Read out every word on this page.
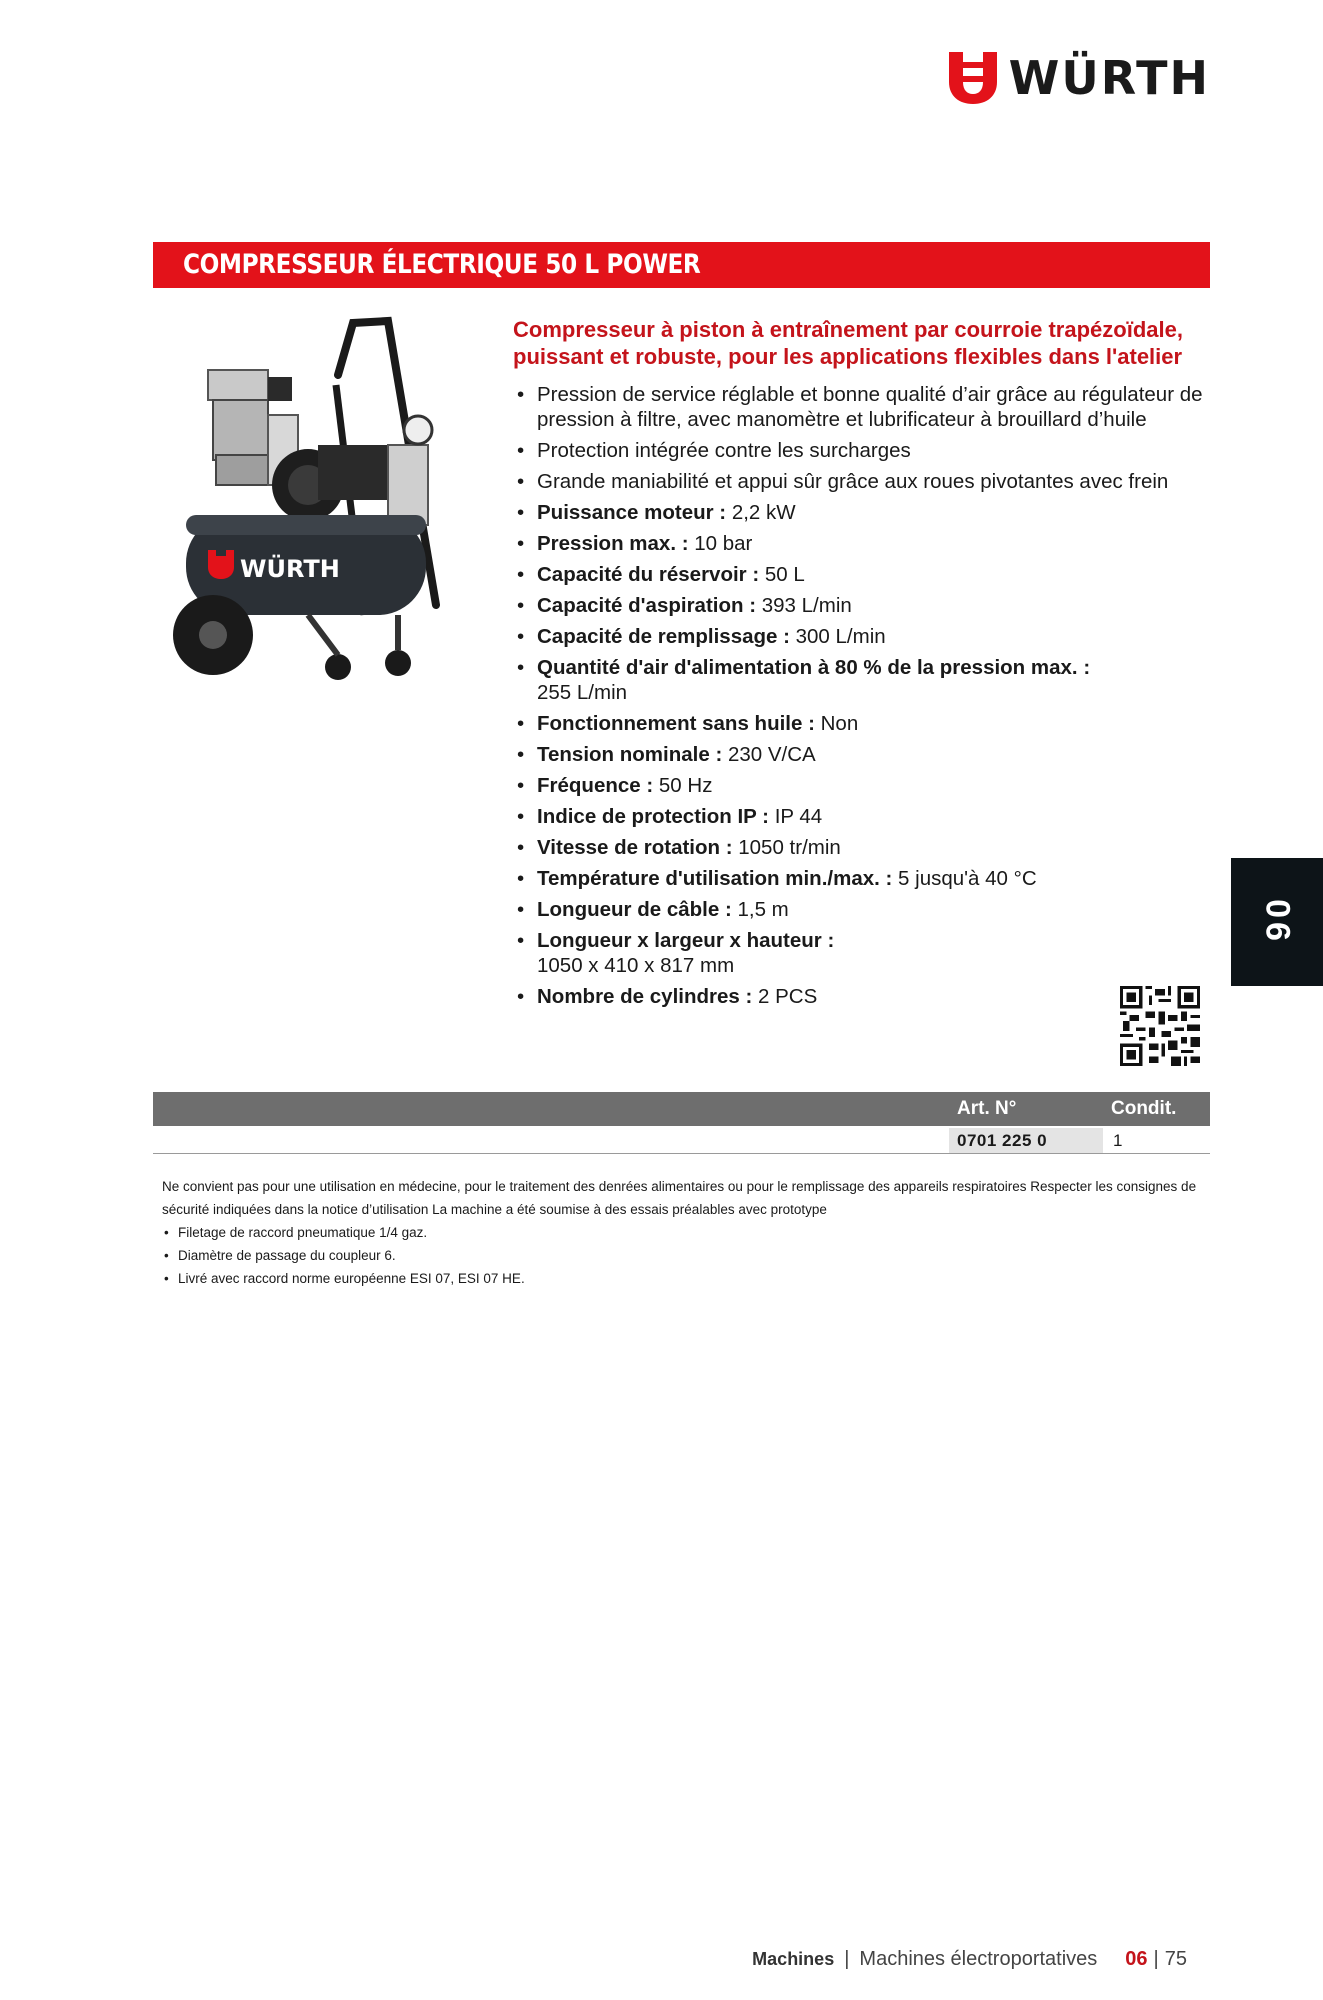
WÜRTH
COMPRESSEUR ÉLECTRIQUE 50 L POWER
WÜRTH
Compresseur à piston à entraînement par courroie trapézoïdale, puissant et robuste, pour les applications flexibles dans l'atelier
• Pression de service réglable et bonne qualité d’air grâce au régulateur de pression à filtre, avec manomètre et lubrificateur à brouillard d’huile
• Protection intégrée contre les surcharges
• Grande maniabilité et appui sûr grâce aux roues pivotantes avec frein
• Puissance moteur : 2,2 kW
• Pression max. : 10 bar
• Capacité du réservoir : 50 L
• Capacité d'aspiration : 393 L/min
• Capacité de remplissage : 300 L/min
• Quantité d'air d'alimentation à 80 % de la pression max. :
255 L/min
• Fonctionnement sans huile : Non
• Tension nominale : 230 V/CA
• Fréquence : 50 Hz
• Indice de protection IP : IP 44
• Vitesse de rotation : 1050 tr/min
• Température d'utilisation min./max. : 5 jusqu'à 40 °C
• Longueur de câble : 1,5 m
• Longueur x largeur x hauteur :
1050 x 410 x 817 mm
• Nombre de cylindres : 2 PCS
06
Art. N°	Condit.
0701 225 0	1

Ne convient pas pour une utilisation en médecine, pour le traitement des denrées alimentaires ou pour le remplissage des appareils respiratoires Respecter les consignes de sécurité indiquées dans la notice d’utilisation La machine a été soumise à des essais préalables avec prototype

• Filetage de raccord pneumatique 1/4 gaz.
• Diamètre de passage du coupleur 6.
• Livré avec raccord norme européenne ESI 07, ESI 07 HE.
Machines | Machines électroportatives 06 | 75
